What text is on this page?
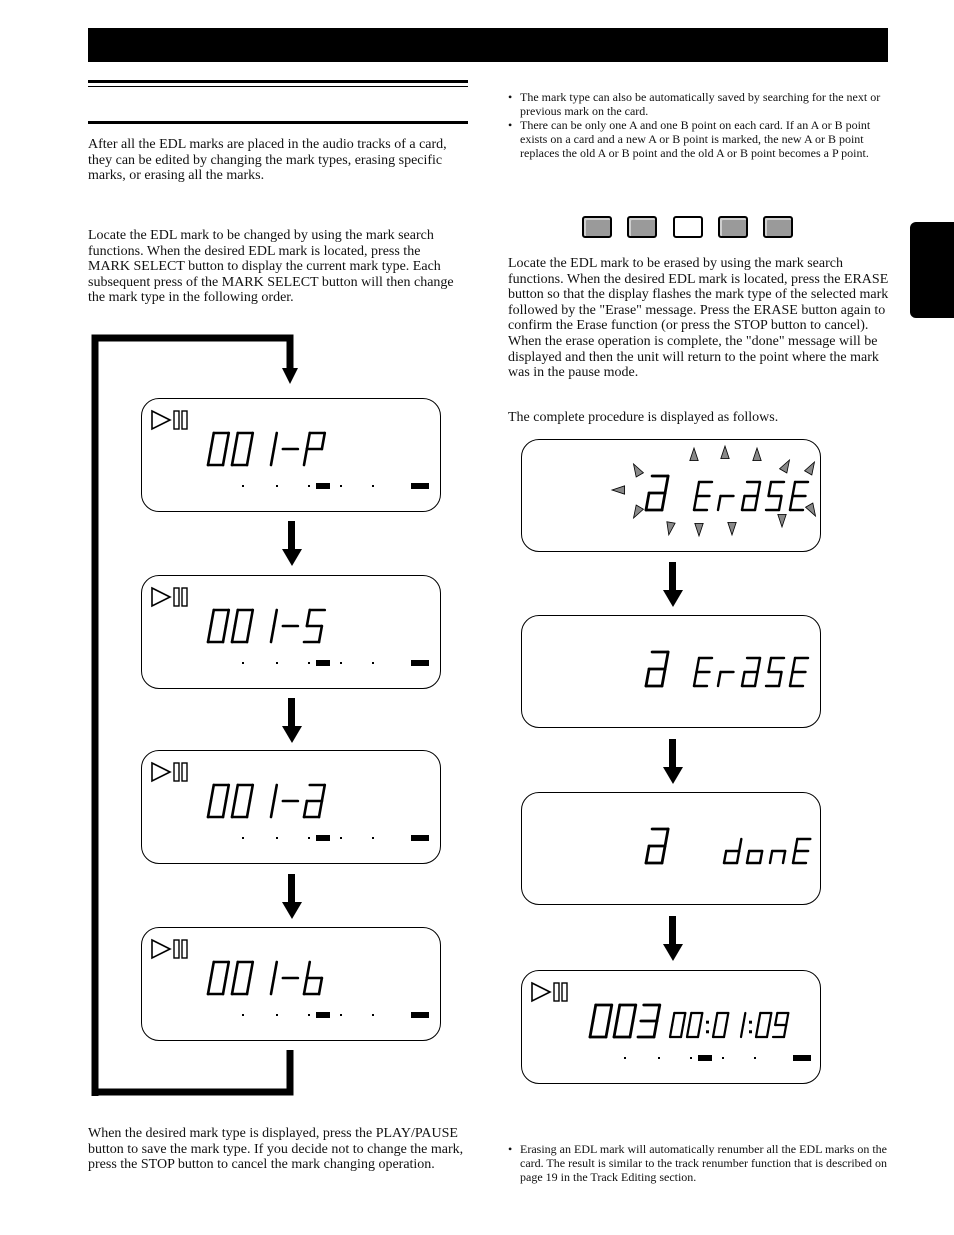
After all the EDL marks are placed in the audio tracks of a card, they can be edited by changing the mark types, erasing specific marks, or erasing all the marks.

Locate the EDL mark to be changed by using the mark search functions. When the desired EDL mark is located, press the MARK SELECT button to display the current mark type. Each subsequent press of the MARK SELECT button will then change the mark type in the following order.

When the desired mark type is displayed, press the PLAY/PAUSE button to save the mark type. If you decide not to change the mark, press the STOP button to cancel the mark changing operation.

• The mark type can also be automatically saved by searching for the next or previous mark on the card.
• There can be only one A and one B point on each card. If an A or B point exists on a card and a new A or B point is marked, the new A or B point replaces the old A or B point and the old A or B point becomes a P point.

Locate the EDL mark to be erased by using the mark search functions. When the desired EDL mark is located, press the ERASE button so that the display flashes the mark type of the selected mark followed by the "Erase" message. Press the ERASE button again to confirm the Erase function (or press the STOP button to cancel). When the erase operation is complete, the "done" message will be displayed and then the unit will return to the point where the mark was in the pause mode.

The complete procedure is displayed as follows.

• Erasing an EDL mark will automatically renumber all the EDL marks on the card. The result is similar to the track renumber function that is described on page 19 in the Track Editing section.
